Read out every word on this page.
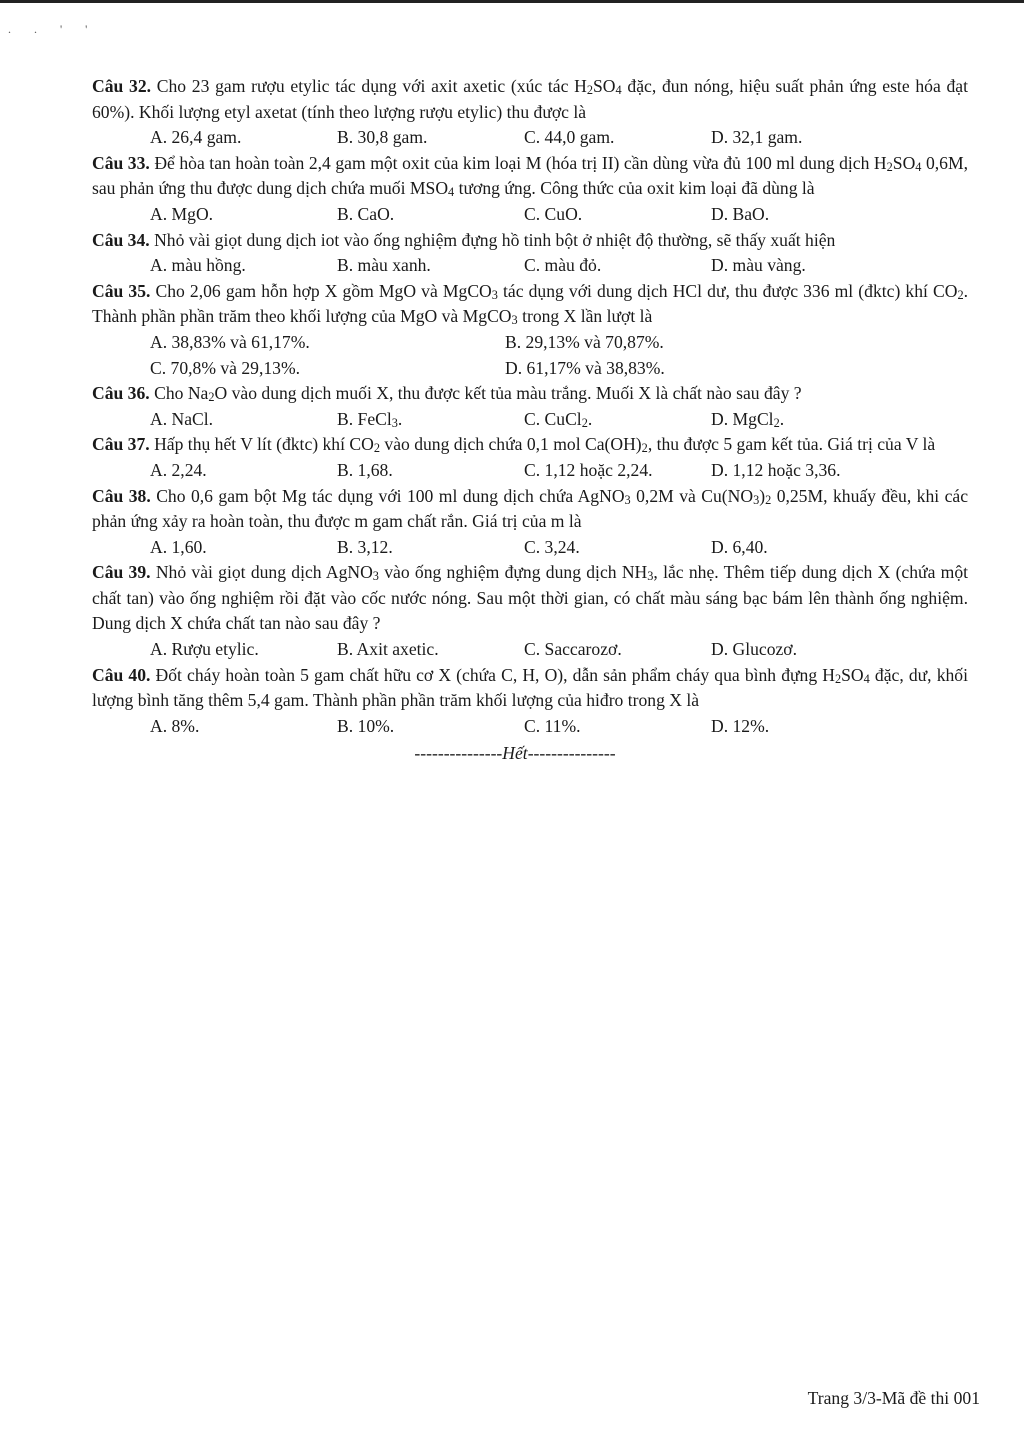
. . ' '
Câu 32. Cho 23 gam rượu etylic tác dụng với axit axetic (xúc tác $H_2SO_4$ đặc, đun nóng, hiệu suất phản ứng este hóa đạt 60%). Khối lượng etyl axetat (tính theo lượng rượu etylic) thu được là
A. 26,4 gam.	B. 30,8 gam.	C. 44,0 gam.	D. 32,1 gam.
Câu 33. Để hòa tan hoàn toàn 2,4 gam một oxit của kim loại M (hóa trị II) cần dùng vừa đủ 100 ml dung dịch $H_2SO_4$ 0,6M, sau phản ứng thu được dung dịch chứa muối $MSO_4$ tương ứng. Công thức của oxit kim loại đã dùng là
A. MgO.	B. CaO.	C. CuO.	D. BaO.
Câu 34. Nhỏ vài giọt dung dịch iot vào ống nghiệm đựng hồ tinh bột ở nhiệt độ thường, sẽ thấy xuất hiện
A. màu hồng.	B. màu xanh.	C. màu đỏ.	D. màu vàng.
Câu 35. Cho 2,06 gam hỗn hợp X gồm MgO và MgCO$_3$ tác dụng với dung dịch HCl dư, thu được 336 ml (đktc) khí $CO_2$. Thành phần phần trăm theo khối lượng của MgO và MgCO$_3$ trong X lần lượt là
A. 38,83% và 61,17%.	B. 29,13% và 70,87%.
C. 70,8% và 29,13%.	D. 61,17% và 38,83%.
Câu 36. Cho $Na_2O$ vào dung dịch muối X, thu được kết tủa màu trắng. Muối X là chất nào sau đây ?
A. NaCl.	B. FeCl$_3$.	C. CuCl$_2$.	D. MgCl$_2$.
Câu 37. Hấp thụ hết V lít (đktc) khí $CO_2$ vào dung dịch chứa 0,1 mol $Ca(OH)_2$, thu được 5 gam kết tủa. Giá trị của V là
A. 2,24.	B. 1,68.	C. 1,12 hoặc 2,24.	D. 1,12 hoặc 3,36.
Câu 38. Cho 0,6 gam bột Mg tác dụng với 100 ml dung dịch chứa AgNO$_3$ 0,2M và $Cu(NO_3)_2$ 0,25M, khuấy đều, khi các phản ứng xảy ra hoàn toàn, thu được m gam chất rắn. Giá trị của m là
A. 1,60.	B. 3,12.	C. 3,24.	D. 6,40.
Câu 39. Nhỏ vài giọt dung dịch AgNO$_3$ vào ống nghiệm đựng dung dịch $NH_3$, lắc nhẹ. Thêm tiếp dung dịch X (chứa một chất tan) vào ống nghiệm rồi đặt vào cốc nước nóng. Sau một thời gian, có chất màu sáng bạc bám lên thành ống nghiệm. Dung dịch X chứa chất tan nào sau đây ?
A. Rượu etylic.	B. Axit axetic.	C. Saccarozơ.	D. Glucozơ.
Câu 40. Đốt cháy hoàn toàn 5 gam chất hữu cơ X (chứa C, H, O), dẫn sản phẩm cháy qua bình đựng $H_2SO_4$ đặc, dư, khối lượng bình tăng thêm 5,4 gam. Thành phần phần trăm khối lượng của hiđro trong X là
A. 8%.	B. 10%.	C. 11%.	D. 12%.
---------------Hết---------------
Trang 3/3-Mã đề thi 001
